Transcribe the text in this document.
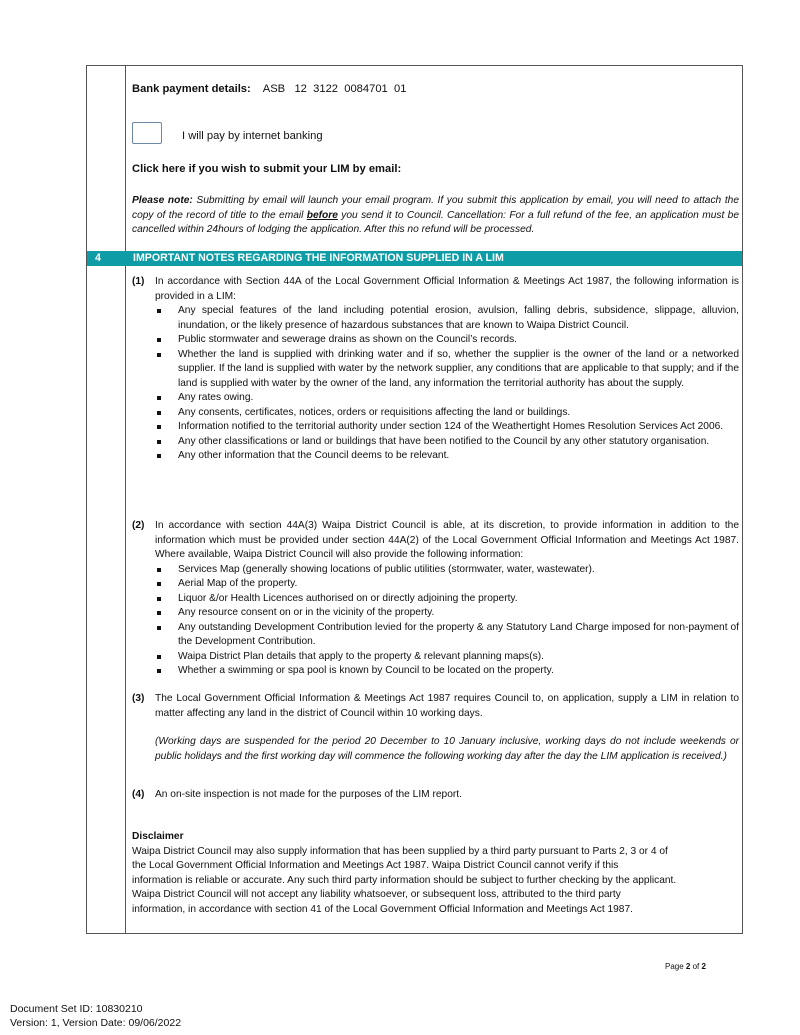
Bank payment details: ASB   12  3122  0084701  01
I will pay by internet banking
Click here if you wish to submit your LIM by email:
Please note: Submitting by email will launch your email program. If you submit this application by email, you will need to attach the copy of the record of title to the email before you send it to Council. Cancellation: For a full refund of the fee, an application must be cancelled within 24hours of lodging the application. After this no refund will be processed.
4	IMPORTANT NOTES REGARDING THE INFORMATION SUPPLIED IN A LIM
(1) In accordance with Section 44A of the Local Government Official Information & Meetings Act 1987, the following information is provided in a LIM:
Any special features of the land including potential erosion, avulsion, falling debris, subsidence, slippage, alluvion, inundation, or the likely presence of hazardous substances that are known to Waipa District Council.
Public stormwater and sewerage drains as shown on the Council’s records.
Whether the land is supplied with drinking water and if so, whether the supplier is the owner of the land or a networked supplier. If the land is supplied with water by the network supplier, any conditions that are applicable to that supply; and if the land is supplied with water by the owner of the land, any information the territorial authority has about the supply.
Any rates owing.
Any consents, certificates, notices, orders or requisitions affecting the land or buildings.
Information notified to the territorial authority under section 124 of the Weathertight Homes Resolution Services Act 2006.
Any other classifications or land or buildings that have been notified to the Council by any other statutory organisation.
Any other information that the Council deems to be relevant.
(2) In accordance with section 44A(3) Waipa District Council is able, at its discretion, to provide information in addition to the information which must be provided under section 44A(2) of the Local Government Official Information and Meetings Act 1987. Where available, Waipa District Council will also provide the following information:
Services Map (generally showing locations of public utilities (stormwater, water, wastewater).
Aerial Map of the property.
Liquor &/or Health Licences authorised on or directly adjoining the property.
Any resource consent on or in the vicinity of the property.
Any outstanding Development Contribution levied for the property & any Statutory Land Charge imposed for non-payment of the Development Contribution.
Waipa District Plan details that apply to the property & relevant planning maps(s).
Whether a swimming or spa pool is known by Council to be located on the property.
(3) The Local Government Official Information & Meetings Act 1987 requires Council to, on application, supply a LIM in relation to matter affecting any land in the district of Council within 10 working days.
(Working days are suspended for the period 20 December to 10 January inclusive, working days do not include weekends or public holidays and the first working day will commence the following working day after the day the LIM application is received.)
(4) An on-site inspection is not made for the purposes of the LIM report.
Disclaimer
Waipa District Council may also supply information that has been supplied by a third party pursuant to Parts 2, 3 or 4 of
the Local Government Official Information and Meetings Act 1987. Waipa District Council cannot verify if this
information is reliable or accurate. Any such third party information should be subject to further checking by the applicant.
Waipa District Council will not accept any liability whatsoever, or subsequent loss, attributed to the third party
information, in accordance with section 41 of the Local Government Official Information and Meetings Act 1987.
Page 2 of 2
Document Set ID: 10830210
Version: 1, Version Date: 09/06/2022
